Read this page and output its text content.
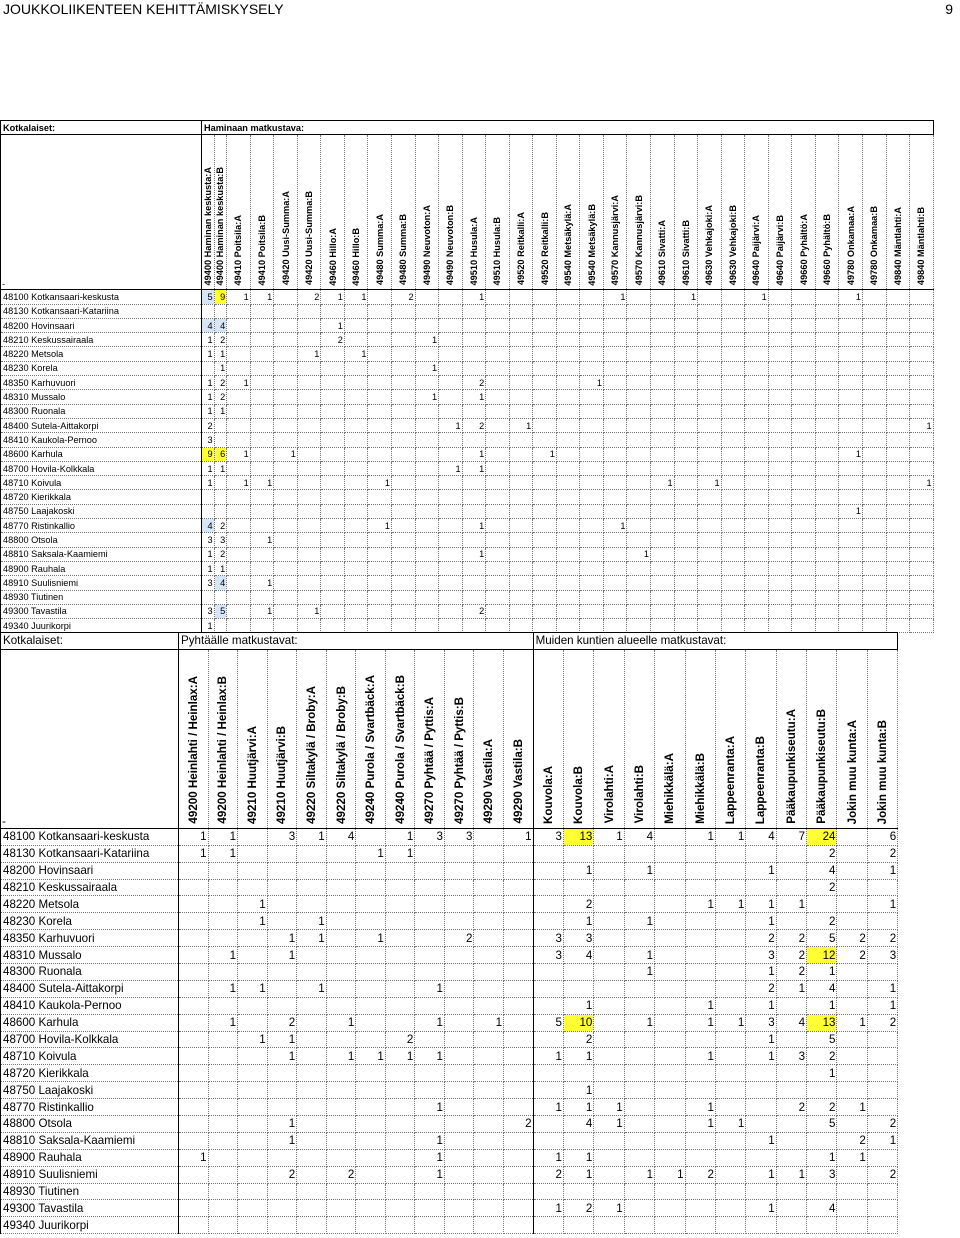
JOUKKOLIIKENTEEN KEHITTÄMISKYSELY	9
Kotkalaiset:	Haminaan matkustava:																															
-	49400 Haminan keskusta:A	49400 Haminan keskusta:B	49410 Poitsila:A	49410 Poitsila:B	49420 Uusi-Summa:A	49420 Uusi-Summa:B	49460 Hillo:A	49460 Hillo:B	49480 Summa:A	49480 Summa:B	49490 Neuvoton:A	49490 Neuvoton:B	49510 Husula:A	49510 Husula:B	49520 Reitkalli:A	49520 Reitkalli:B	49540 Metsäkylä:A	49540 Metsäkylä:B	49570 Kannusjärvi:A	49570 Kannusjärvi:B	49610 Sivatti:A	49610 Sivatti:B	49630 Vehkajoki:A	49630 Vehkajoki:B	49640 Paijärvi:A	49640 Paijärvi:B	49660 Pyhältö:A	49660 Pyhältö:B	49780 Onkamaa:A	49780 Onkamaa:B	49840 Mäntlahti:A	49840 Mäntlahti:B

48100 Kotkansaari-keskusta	5	9	1	1		2	1	1		2			1						1			1			1				1			
48130 Kotkansaari-Katariina																																
48200 Hovinsaari	4	4					1																									
48210 Keskussairaala	1	2					2				1																					
48220 Metsola	1	1				1		1																								
48230 Korela		1									1																					
48350 Karhuvuori	1	2	1										2					1														
48310 Mussalo	1	2									1		1																			
48300 Ruonala	1	1																														
48400 Sutela-Aittakorpi	2											1	2		1																	1
48410 Kaukola-Pernoo	3																															
48600 Karhula	9	6	1		1								1			1													1			
48700 Hovila-Kolkkala	1	1										1	1																			
48710 Koivula	1		1	1					1												1		1									1
48720 Kierikkala																																
48750 Laajakoski																													1			
48770 Ristinkallio	4	2							1				1						1													
48800 Otsola	3	3		1																												
48810 Saksala-Kaamiemi	1	2											1							1												
48900 Rauhala	1	1																														
48910 Suulisniemi	3	4		1																												
48930 Tiutinen																																
49300 Tavastila	3	5		1		1							2																			
49340 Juurikorpi	1																															
Kotkalaiset:	Pyhtäälle matkustavat:												Muiden kuntien alueelle matkustavat:											
-	49200 Heinlahti / Heinlax:A	49200 Heinlahti / Heinlax:B	49210 Huutjärvi:A	49210 Huutjärvi:B	49220 Siltakylä / Broby:A	49220 Siltakylä / Broby:B	49240 Purola / Svartbäck:A	49240 Purola / Svartbäck:B	49270 Pyhtää / Pyttis:A	49270 Pyhtää / Pyttis:B	49290 Vastila:A	49290 Vastila:B	Kouvola:A	Kouvola:B	Virolahti:A	Virolahti:B	Miehikkälä:A	Miehikkälä:B	Lappeenranta:A	Lappeenranta:B	Pääkaupunkiseutu:A	Pääkaupunkiseutu:B	Jokin muu kunta:A	Jokin muu kunta:B

48100 Kotkansaari-keskusta	1	1		3	1	4		1	3	3		1	3	13	1	4		1	1	4	7	24		6
48130 Kotkansaari-Katariina	1	1					1	1														2		2
48200 Hovinsaari														1		1				1		4		1
48210 Keskussairaala																						2		
48220 Metsola			1											2				1	1	1	1			1
48230 Korela			1		1									1		1				1		2		
48350 Karhuvuori				1	1		1			2			3	3						2	2	5	2	2
48310 Mussalo		1		1									3	4		1				3	2	12	2	3
48300 Ruonala																1				1	2	1		
48400 Sutela-Aittakorpi		1	1		1				1											2	1	4		1
48410 Kaukola-Pernoo														1				1		1		1		1
48600 Karhula		1		2		1			1		1		5	10		1		1	1	3	4	13	1	2
48700 Hovila-Kolkkala			1	1				2						2						1		5		
48710 Koivula				1		1	1	1	1				1	1				1		1	3	2		
48720 Kierikkala																						1		
48750 Laajakoski														1										
48770 Ristinkallio									1				1	1	1			1			2	2	1	
48800 Otsola				1								2		4	1			1	1			5		2
48810 Saksala-Kaamiemi				1					1											1			2	1
48900 Rauhala	1								1				1	1								1	1	
48910 Suulisniemi				2		2			1				2	1		1	1	2		1	1	3		2
48930 Tiutinen																								
49300 Tavastila													1	2	1					1		4		
49340 Juurikorpi																								
